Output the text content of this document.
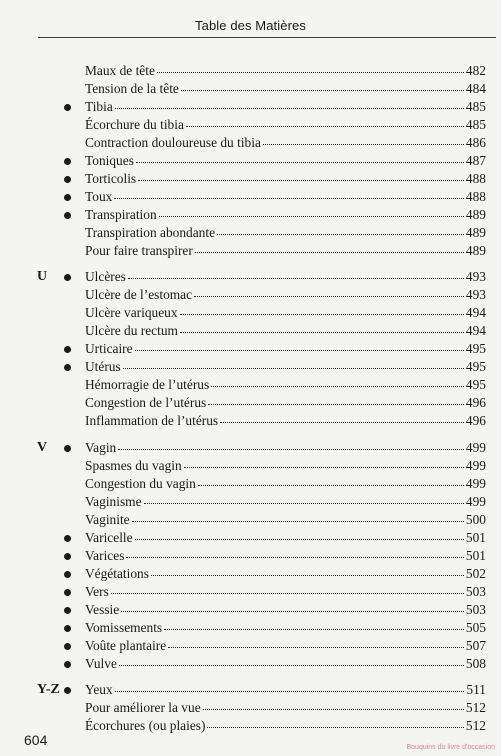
Table des Matières
Maux de tête	482
Tension de la tête	484
Tibia	485
Écorchure du tibia	485
Contraction douloureuse du tibia	486
Toniques	487
Torticolis	488
Toux	488
Transpiration	489
Transpiration abondante	489
Pour faire transpirer	489
U	Ulcères	493
Ulcère de l’estomac	493
Ulcère variqueux	494
Ulcère du rectum	494
Urticaire	495
Utérus	495
Hémorragie de l’utérus	495
Congestion de l’utérus	496
Inflammation de l’utérus	496
V	Vagin	499
Spasmes du vagin	499
Congestion du vagin	499
Vaginisme	499
Vaginite	500
Varicelle	501
Varices	501
Végétations	502
Vers	503
Vessie	503
Vomissements	505
Voûte plantaire	507
Vulve	508
Y-Z Yeux	511
Pour améliorer la vue	512
Écorchures (ou plaies)	512
604	Bouquins du livre d'occasion
